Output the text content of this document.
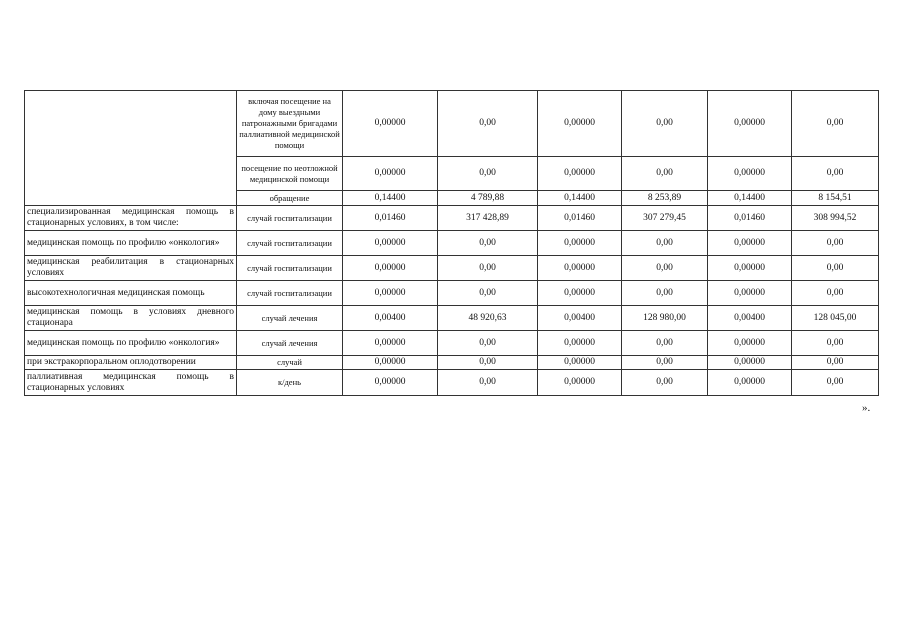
	включая посещение на дому выездными патронажными бригадами паллиативной медицинской помощи	0,00000	0,00	0,00000	0,00	0,00000	0,00
	посещение по неотложной медицинской помощи	0,00000	0,00	0,00000	0,00	0,00000	0,00
	обращение	0,14400	4 789,88	0,14400	8 253,89	0,14400	8 154,51
специализированная медицинская помощь в стационарных условиях, в том числе:	случай госпитализации	0,01460	317 428,89	0,01460	307 279,45	0,01460	308 994,52
медицинская помощь по профилю «онкология»	случай госпитализации	0,00000	0,00	0,00000	0,00	0,00000	0,00
медицинская реабилитация в стационарных условиях	случай госпитализации	0,00000	0,00	0,00000	0,00	0,00000	0,00
высокотехнологичная медицинская помощь	случай госпитализации	0,00000	0,00	0,00000	0,00	0,00000	0,00
медицинская помощь в условиях дневного стационара	случай лечения	0,00400	48 920,63	0,00400	128 980,00	0,00400	128 045,00
медицинская помощь по профилю «онкология»	случай лечения	0,00000	0,00	0,00000	0,00	0,00000	0,00
при экстракорпоральном оплодотворении	случай	0,00000	0,00	0,00000	0,00	0,00000	0,00
паллиативная медицинская помощь в стационарных условиях	к/день	0,00000	0,00	0,00000	0,00	0,00000	0,00
».
